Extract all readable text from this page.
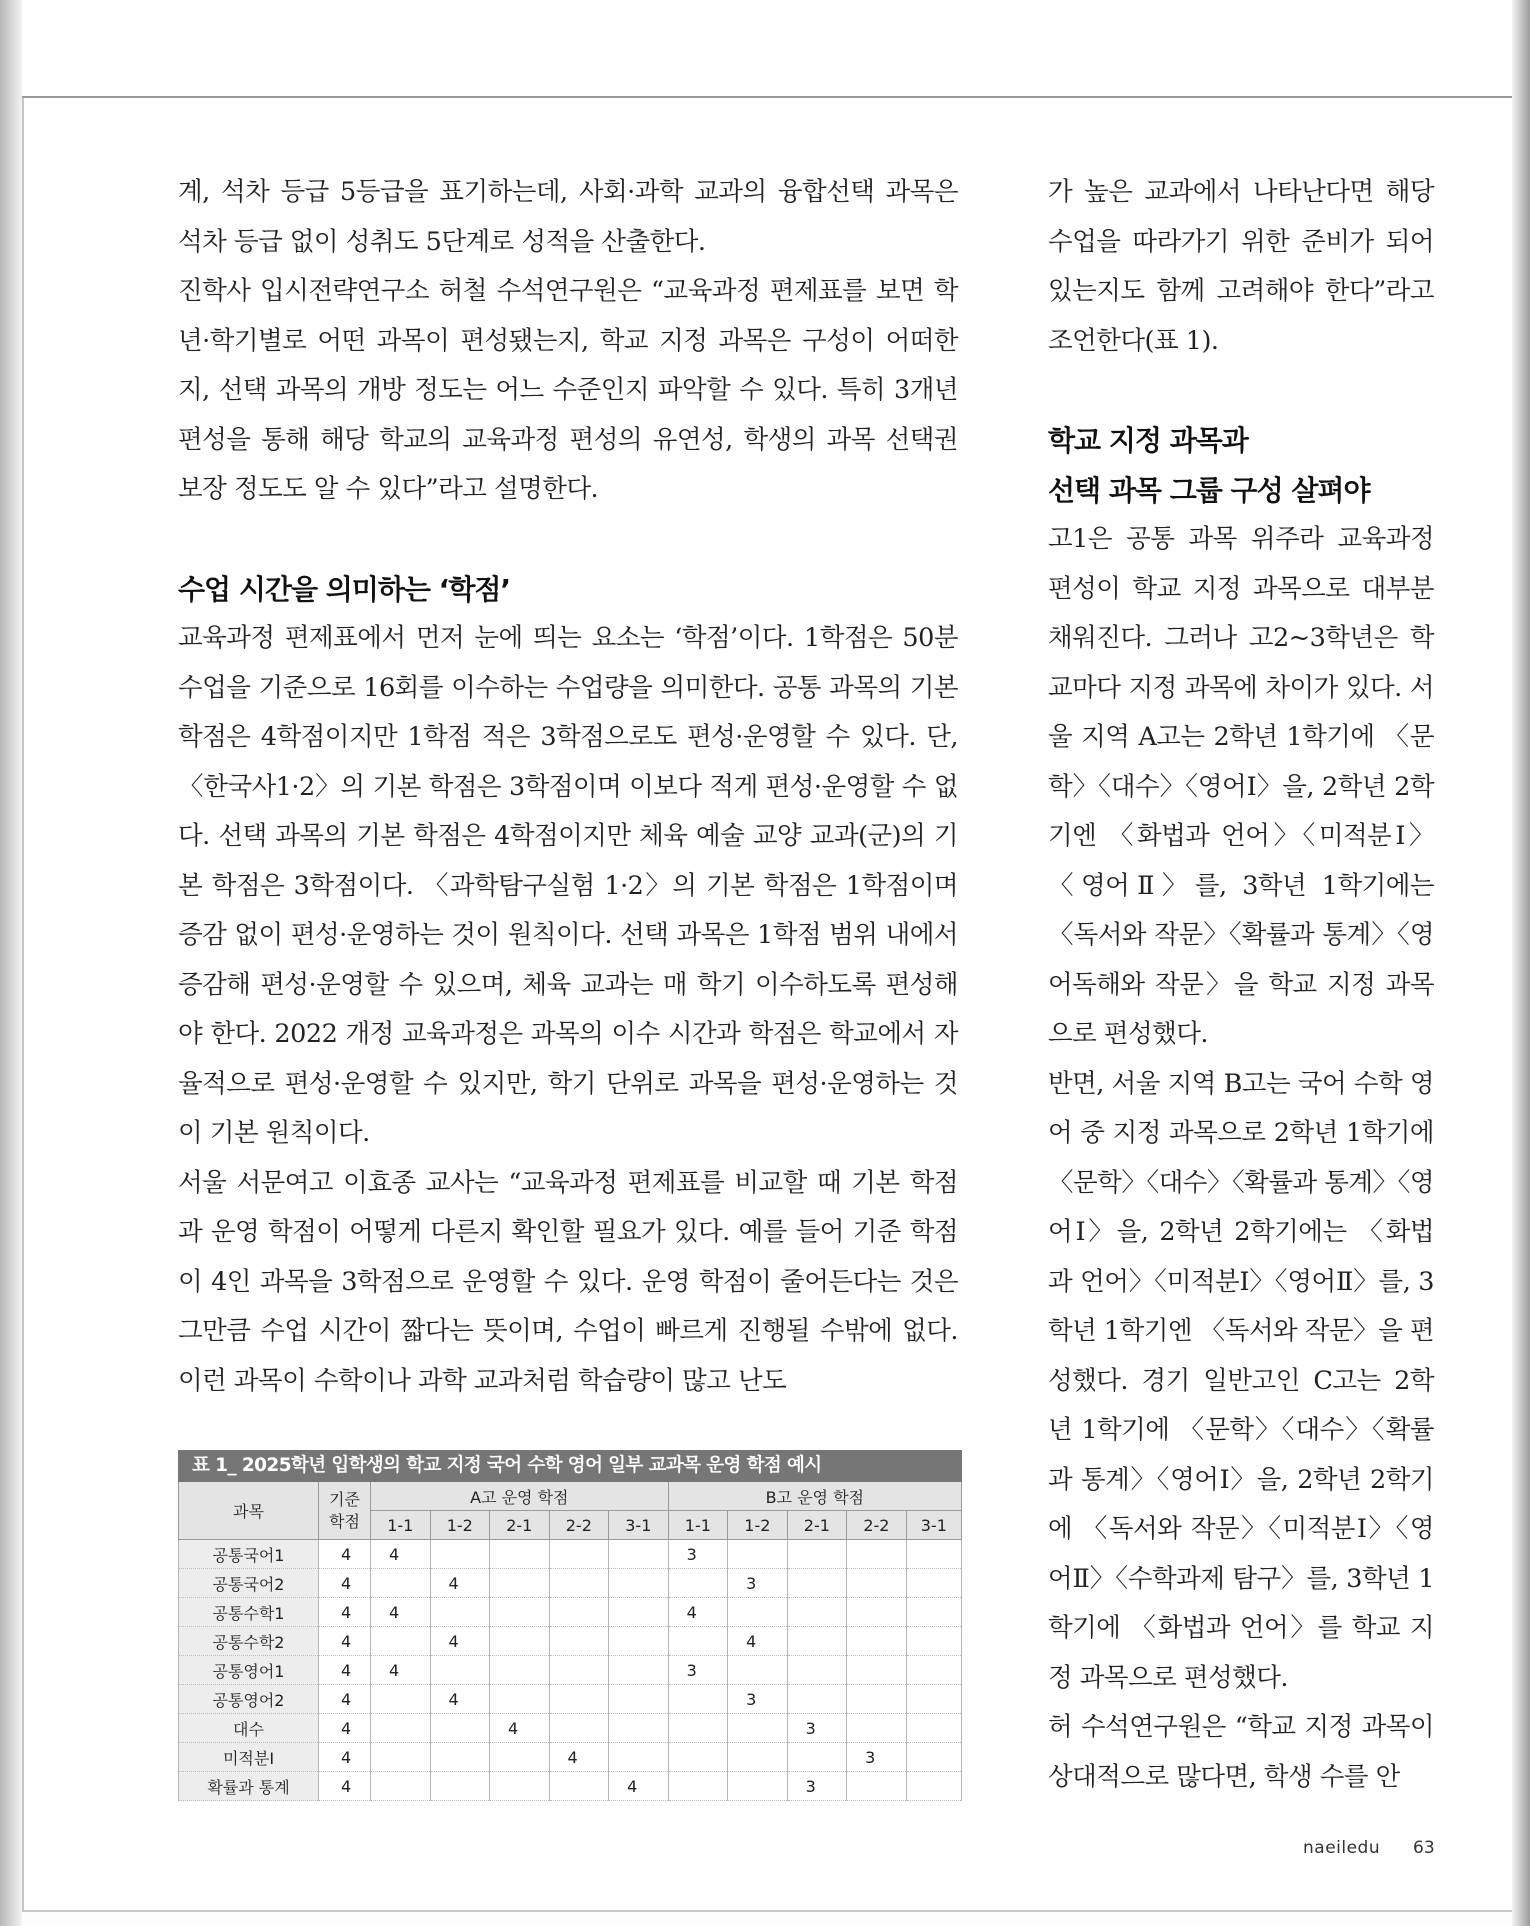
계, 석차 등급 5등급을 표기하는데, 사회·과학 교과의 융합선택 과목은 석차 등급 없이 성취도 5단계로 성적을 산출한다.

진학사 입시전략연구소 허철 수석연구원은 “교육과정 편제표를 보면 학년·학기별로 어떤 과목이 편성됐는지, 학교 지정 과목은 구성이 어떠한지, 선택 과목의 개방 정도는 어느 수준인지 파악할 수 있다. 특히 3개년 편성을 통해 해당 학교의 교육과정 편성의 유연성, 학생의 과목 선택권 보장 정도도 알 수 있다”라고 설명한다.

수업 시간을 의미하는 ‘학점’

교육과정 편제표에서 먼저 눈에 띄는 요소는 ‘학점’이다. 1학점은 50분 수업을 기준으로 16회를 이수하는 수업량을 의미한다. 공통 과목의 기본 학점은 4학점이지만 1학점 적은 3학점으로도 편성·운영할 수 있다. 단, 〈한국사1·2〉의 기본 학점은 3학점이며 이보다 적게 편성·운영할 수 없다. 선택 과목의 기본 학점은 4학점이지만 체육 예술 교양 교과(군)의 기본 학점은 3학점이다. 〈과학탐구실험 1·2〉의 기본 학점은 1학점이며 증감 없이 편성·운영하는 것이 원칙이다. 선택 과목은 1학점 범위 내에서 증감해 편성·운영할 수 있으며, 체육 교과는 매 학기 이수하도록 편성해야 한다. 2022 개정 교육과정은 과목의 이수 시간과 학점은 학교에서 자율적으로 편성·운영할 수 있지만, 학기 단위로 과목을 편성·운영하는 것이 기본 원칙이다.

서울 서문여고 이효종 교사는 “교육과정 편제표를 비교할 때 기본 학점과 운영 학점이 어떻게 다른지 확인할 필요가 있다. 예를 들어 기준 학점이 4인 과목을 3학점으로 운영할 수 있다. 운영 학점이 줄어든다는 것은 그만큼 수업 시간이 짧다는 뜻이며, 수업이 빠르게 진행될 수밖에 없다. 이런 과목이 수학이나 과학 교과처럼 학습량이 많고 난도

가 높은 교과에서 나타난다면 해당 수업을 따라가기 위한 준비가 되어 있는지도 함께 고려해야 한다”라고 조언한다(표 1).

학교 지정 과목과
선택 과목 그룹 구성 살펴야

고1은 공통 과목 위주라 교육과정 편성이 학교 지정 과목으로 대부분 채워진다. 그러나 고2~3학년은 학교마다 지정 과목에 차이가 있다. 서울 지역 A고는 2학년 1학기에 〈문학〉〈대수〉〈영어Ⅰ〉을, 2학년 2학기엔 〈화법과 언어〉〈미적분Ⅰ〉〈영어Ⅱ〉를, 3학년 1학기에는 〈독서와 작문〉〈확률과 통계〉〈영어독해와 작문〉을 학교 지정 과목으로 편성했다.

반면, 서울 지역 B고는 국어 수학 영어 중 지정 과목으로 2학년 1학기에 〈문학〉〈대수〉〈확률과 통계〉〈영어Ⅰ〉을, 2학년 2학기에는 〈화법과 언어〉〈미적분Ⅰ〉〈영어Ⅱ〉를, 3학년 1학기엔 〈독서와 작문〉을 편성했다. 경기 일반고인 C고는 2학년 1학기에 〈문학〉〈대수〉〈확률과 통계〉〈영어Ⅰ〉을, 2학년 2학기에 〈독서와 작문〉〈미적분Ⅰ〉〈영어Ⅱ〉〈수학과제 탐구〉를, 3학년 1학기에 〈화법과 언어〉를 학교 지정 과목으로 편성했다.

허 수석연구원은 “학교 지정 과목이 상대적으로 많다면, 학생 수를 안

표 1_ 2025학년 입학생의 학교 지정 국어 수학 영어 일부 교과목 운영 학점 예시
과목	기준 학점	A고 운영 학점					B고 운영 학점				
		1-1	1-2	2-1	2-2	3-1	1-1	1-2	2-1	2-2	3-1
공통국어1	4	4					3				
공통국어2	4		4					3			
공통수학1	4	4					4				
공통수학2	4		4					4			
공통영어1	4	4					3				
공통영어2	4		4					3			
대수	4			4					3		
미적분Ⅰ	4				4					3	
확률과 통계	4					4			3		
naeiledu 63
